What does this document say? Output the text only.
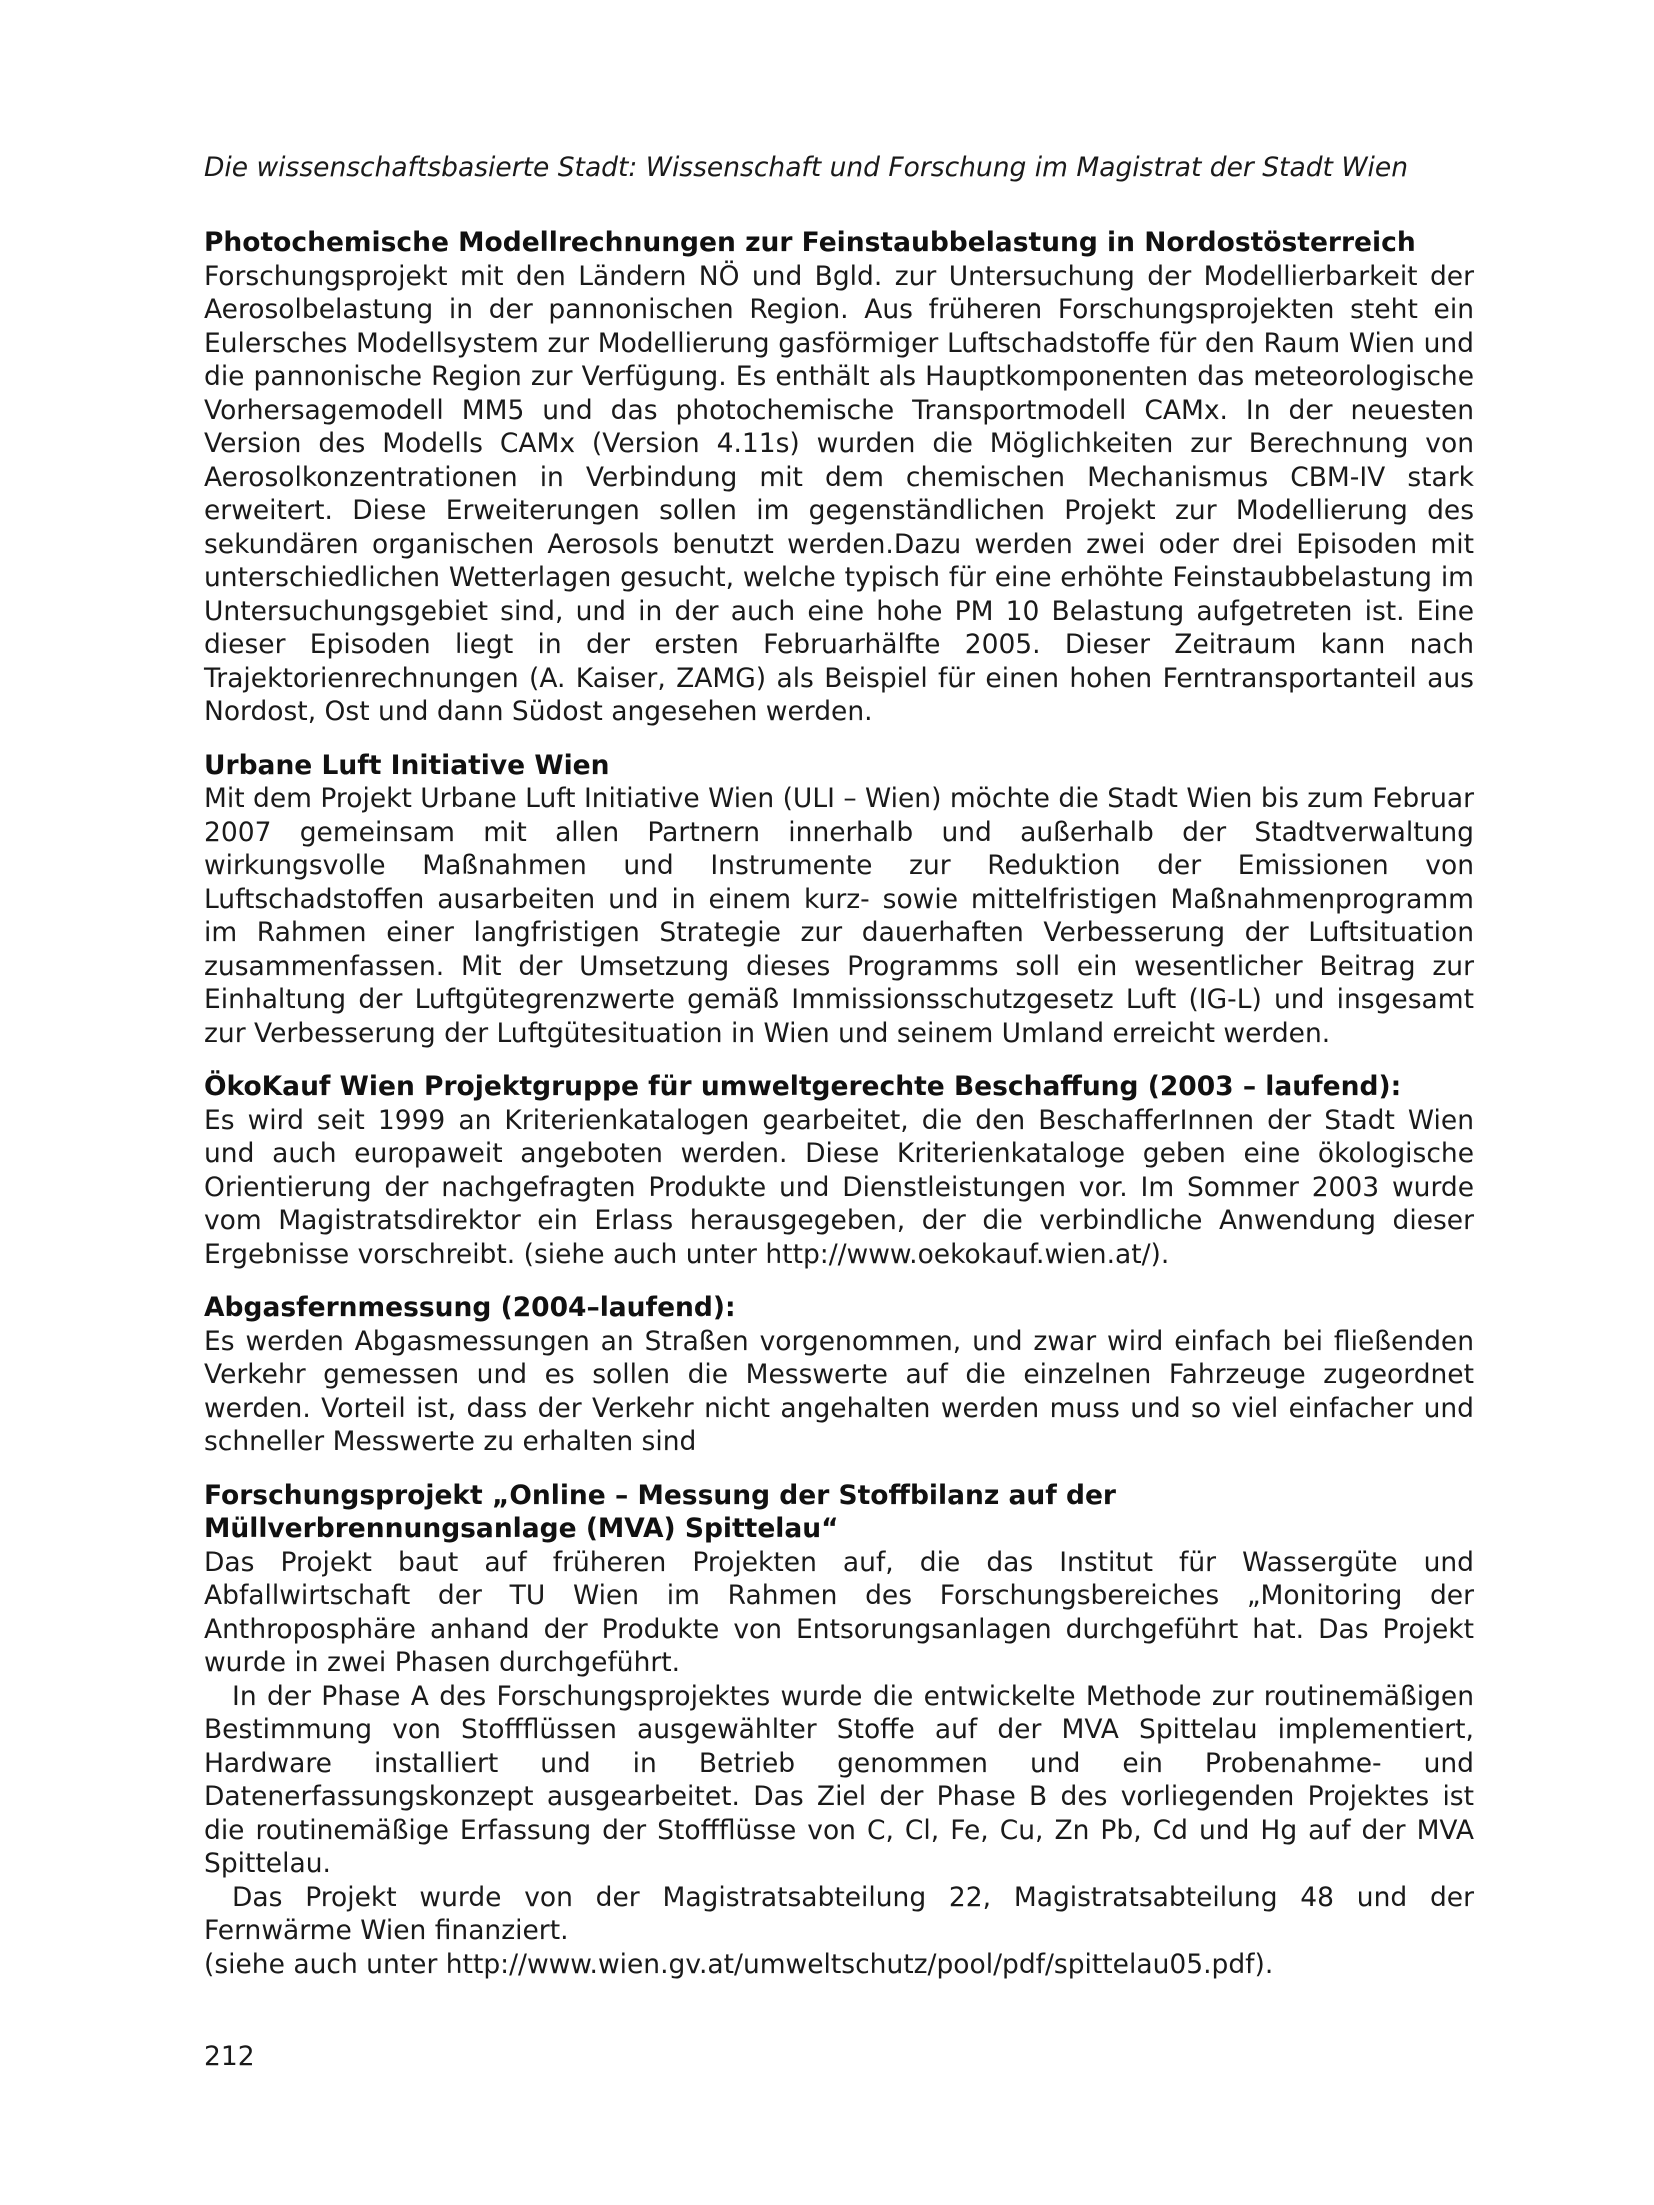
Die wissenschaftsbasierte Stadt: Wissenschaft und Forschung im Magistrat der Stadt Wien

Photochemische Modellrechnungen zur Feinstaubbelastung in Nordostösterreich

Forschungsprojekt mit den Ländern NÖ und Bgld. zur Untersuchung der Modellierbarkeit der Aerosolbelastung in der pannonischen Region. Aus früheren Forschungsprojekten steht ein Eulersches Modellsystem zur Modellierung gasförmiger Luftschadstoffe für den Raum Wien und die pannonische Region zur Verfügung. Es enthält als Hauptkomponenten das meteorologische Vorhersagemodell MM5 und das photochemische Transportmodell CAMx. In der neuesten Version des Modells CAMx (Version 4.11s) wurden die Möglichkeiten zur Berechnung von Aerosolkonzentrationen in Verbindung mit dem chemischen Mechanismus CBM-IV stark erweitert. Diese Erweiterungen sollen im gegenständlichen Projekt zur Modellierung des sekundären organischen Aerosols benutzt werden.Dazu werden zwei oder drei Episoden mit unterschiedlichen Wetterlagen gesucht, welche typisch für eine erhöhte Feinstaubbelastung im Untersuchungsgebiet sind, und in der auch eine hohe PM 10 Belastung aufgetreten ist. Eine dieser Episoden liegt in der ersten Februarhälfte 2005. Dieser Zeitraum kann nach Trajektorienrechnungen (A. Kaiser, ZAMG) als Beispiel für einen hohen Ferntransportanteil aus Nordost, Ost und dann Südost angesehen werden.

Urbane Luft Initiative Wien

Mit dem Projekt Urbane Luft Initiative Wien (ULI – Wien) möchte die Stadt Wien bis zum Februar 2007 gemeinsam mit allen Partnern innerhalb und außerhalb der Stadtverwaltung wirkungsvolle Maßnahmen und Instrumente zur Reduktion der Emissionen von Luftschadstoffen ausarbeiten und in einem kurz- sowie mittelfristigen Maßnahmenprogramm im Rahmen einer langfristigen Strategie zur dauerhaften Verbesserung der Luftsituation zusammenfassen. Mit der Umsetzung dieses Programms soll ein wesentlicher Beitrag zur Einhaltung der Luftgütegrenzwerte gemäß Immissionsschutzgesetz Luft (IG-L) und insgesamt zur Verbesserung der Luftgütesituation in Wien und seinem Umland erreicht werden.

ÖkoKauf Wien Projektgruppe für umweltgerechte Beschaffung (2003 – laufend):

Es wird seit 1999 an Kriterienkatalogen gearbeitet, die den BeschafferInnen der Stadt Wien und auch europaweit angeboten werden. Diese Kriterienkataloge geben eine ökologische Orientierung der nachgefragten Produkte und Dienstleistungen vor. Im Sommer 2003 wurde vom Magistratsdirektor ein Erlass herausgegeben, der die verbindliche Anwendung dieser Ergebnisse vorschreibt. (siehe auch unter http://www.oekokauf.wien.at/).

Abgasfernmessung (2004–laufend):

Es werden Abgasmessungen an Straßen vorgenommen, und zwar wird einfach bei fließenden Verkehr gemessen und es sollen die Messwerte auf die einzelnen Fahrzeuge zugeordnet werden. Vorteil ist, dass der Verkehr nicht angehalten werden muss und so viel einfacher und schneller Messwerte zu erhalten sind

Forschungsprojekt „Online – Messung der Stoffbilanz auf der Müllverbrennungsanlage (MVA) Spittelau“

Das Projekt baut auf früheren Projekten auf, die das Institut für Wassergüte und Abfallwirtschaft der TU Wien im Rahmen des Forschungsbereiches „Monitoring der Anthroposphäre anhand der Produkte von Entsorungsanlagen durchgeführt hat. Das Projekt wurde in zwei Phasen durchgeführt.

In der Phase A des Forschungsprojektes wurde die entwickelte Methode zur routinemäßigen Bestimmung von Stoffflüssen ausgewählter Stoffe auf der MVA Spittelau implementiert, Hardware installiert und in Betrieb genommen und ein Probenahme- und Datenerfassungskonzept ausgearbeitet. Das Ziel der Phase B des vorliegenden Projektes ist die routinemäßige Erfassung der Stoffflüsse von C, Cl, Fe, Cu, Zn Pb, Cd und Hg auf der MVA Spittelau.

Das Projekt wurde von der Magistratsabteilung 22, Magistratsabteilung 48 und der Fernwärme Wien finanziert.

(siehe auch unter http://www.wien.gv.at/umweltschutz/pool/pdf/spittelau05.pdf).

212
